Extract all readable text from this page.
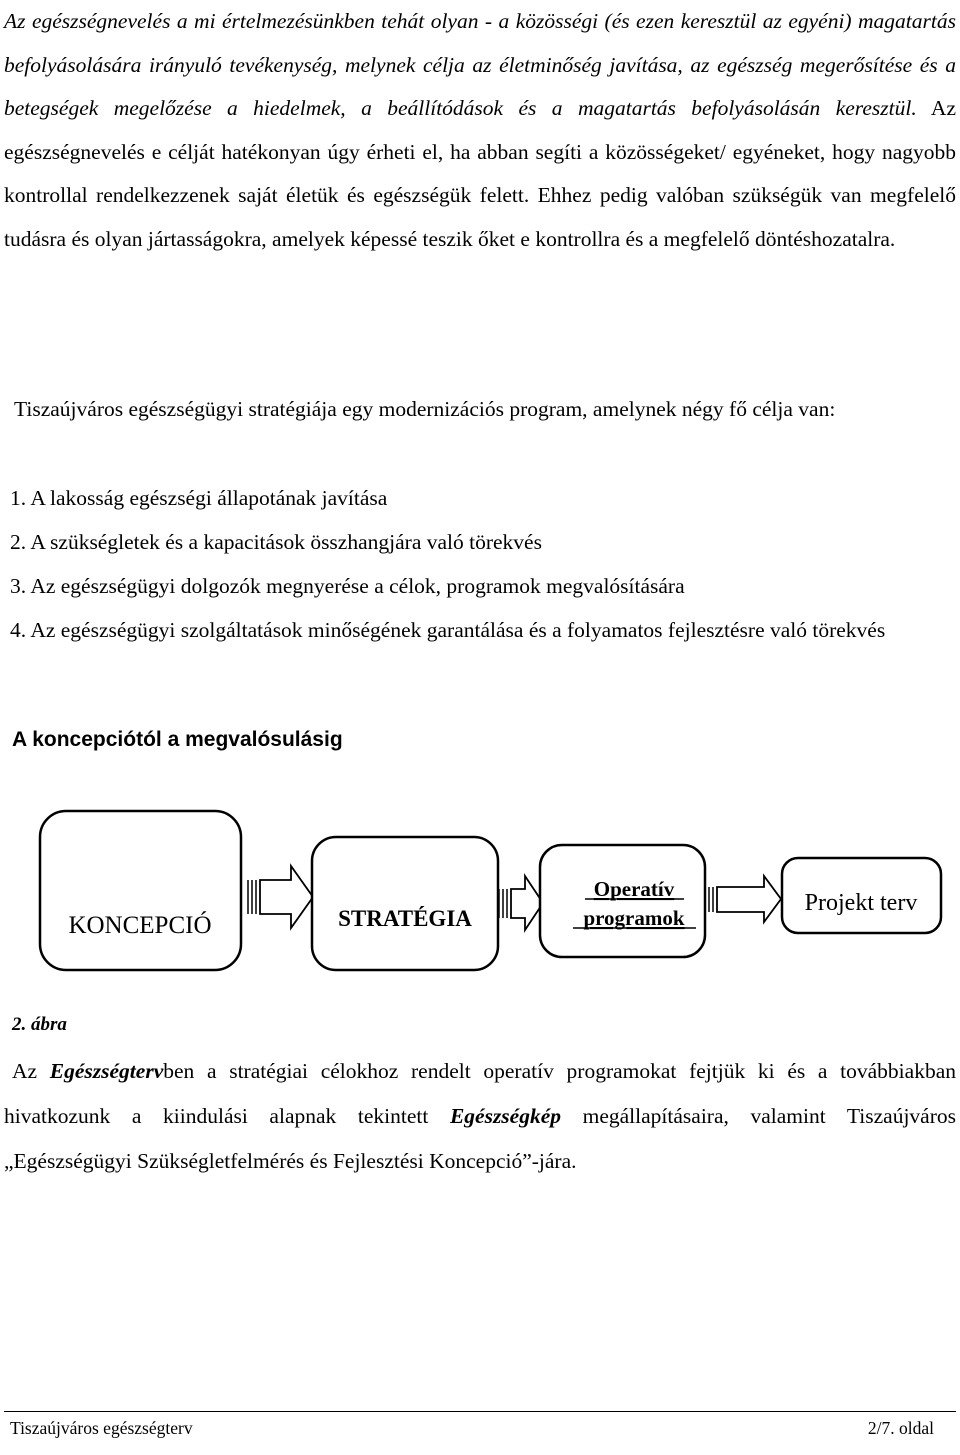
Az egészségnevelés a mi értelmezésünkben tehát olyan - a közösségi (és ezen keresztül az egyéni) magatartás befolyásolására irányuló tevékenység, melynek célja az életminőség javítása, az egészség megerősítése és a betegségek megelőzése a hiedelmek, a beállítódások és a magatartás befolyásolásán keresztül. Az egészségnevelés e célját hatékonyan úgy érheti el, ha abban segíti a közösségeket/ egyéneket, hogy nagyobb kontrollal rendelkezzenek saját életük és egészségük felett. Ehhez pedig valóban szükségük van megfelelő tudásra és olyan jártasságokra, amelyek képessé teszik őket e kontrollra és a megfelelő döntéshozatalra.
Tiszaújváros egészségügyi stratégiája egy modernizációs program, amelynek négy fő célja van:
1. A lakosság egészségi állapotának javítása
2. A szükségletek és a kapacitások összhangjára való törekvés
3. Az egészségügyi dolgozók megnyerése a célok, programok megvalósítására
4. Az egészségügyi szolgáltatások minőségének garantálása és a folyamatos fejlesztésre való törekvés
A koncepciótól a megvalósulásig
KONCEPCIÓ	STRATÉGIA
Operatív
programok
Projekt terv
2. ábra
Az Egészségtervben a stratégiai célokhoz rendelt operatív programokat fejtjük ki és a továbbiakban hivatkozunk a kiindulási alapnak tekintett Egészségkép megállapításaira, valamint Tiszaújváros „Egészségügyi Szükségletfelmérés és Fejlesztési Koncepció”-jára.
Tiszaújváros egészségterv	2/7. oldal
